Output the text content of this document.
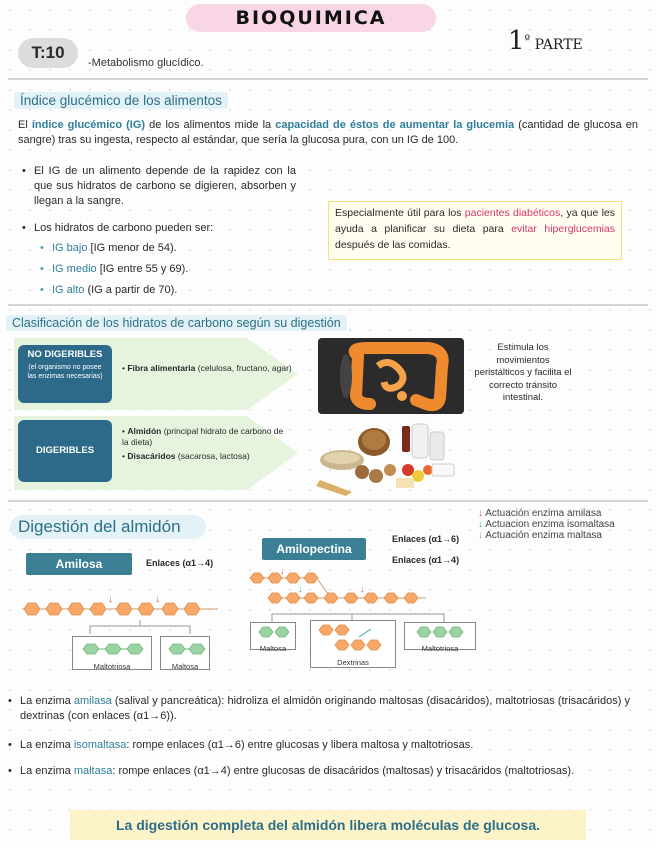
BIOQUIMICA
$1^º$ PARTE
T:10
-Metabolismo glucídico.
Índice glucémico de los alimentos

El índice glucémico (IG) de los alimentos mide la capacidad de éstos de aumentar la glucemia (cantidad de glucosa en sangre) tras su ingesta, respecto al estándar, que sería la glucosa pura, con un IG de 100.

• El IG de un alimento depende de la rapidez con la que sus hidratos de carbono se digieren, absorben y llegan a la sangre.
• Los hidratos de carbono pueden ser:
• IG bajo [IG menor de 54).
• IG medio [IG entre 55 y 69).
• IG alto (IG a partir de 70).
Especialmente útil para los pacientes diabéticos, ya que les ayuda a planificar su dieta para evitar hiperglucemias después de las comidas.
Clasificación de los hidratos de carbono según su digestión
NO DIGERIBLES
(el organismo no posee las enzimas necesarias)
• Fibra alimentaria (celulosa, fructano, agar)
Estimula los movimientos peristálticos y facilita el correcto tránsito intestinal.
DIGERIBLES
• Almidón (principal hidrato de carbono de la dieta)
• Disacáridos (sacarosa, lactosa)
Digestión del almidón
↓ Actuación enzima amilasa
↓ Actuacion enzima isomaltasa
↓ Actuación enzima maltasa
Amilosa	Enlaces (α1→4)
Amilopectina
Enlaces (α1→6)
Enlaces (α1→4)
↓	↓
Maltotriosa	Maltosa
↓
↓	↓
Maltosa
Dextrinas
Maltotriosa
• La enzima amilasa (salival y pancreática): hidroliza el almidón originando maltosas (disacáridos), maltotriosas (trisacáridos) y dextrinas (con enlaces (α1→6)).
• La enzima isomaltasa: rompe enlaces (α1→6) entre glucosas y libera maltosa y maltotriosas.
• La enzima maltasa: rompe enlaces (α1→4) entre glucosas de disacáridos (maltosas) y trisacáridos (maltotriosas).
La digestión completa del almidón libera moléculas de glucosa.
